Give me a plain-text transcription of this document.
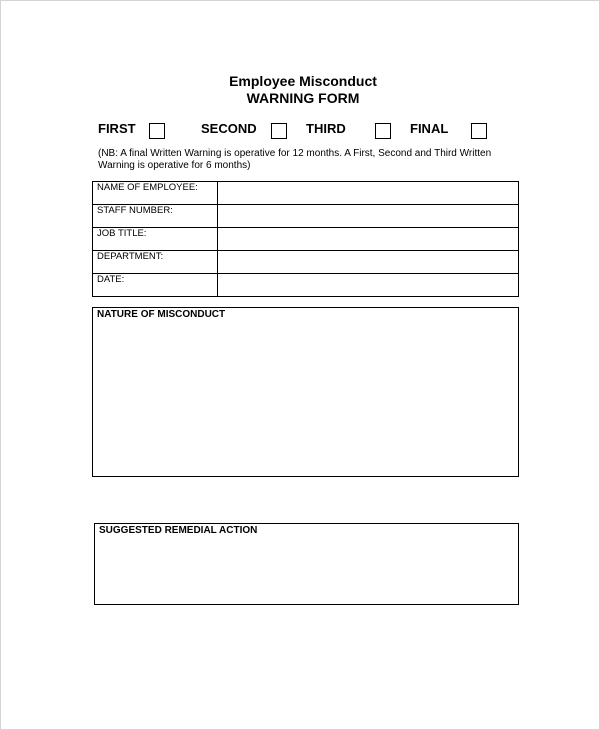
Employee Misconduct
WARNING FORM
FIRST	SECOND	THIRD	FINAL
(NB: A final Written Warning is operative for 12 months. A First, Second and Third Written Warning is operative for 6 months)
NAME OF EMPLOYEE:
STAFF NUMBER:
JOB TITLE:
DEPARTMENT:
DATE:
NATURE OF MISCONDUCT
SUGGESTED REMEDIAL ACTION
